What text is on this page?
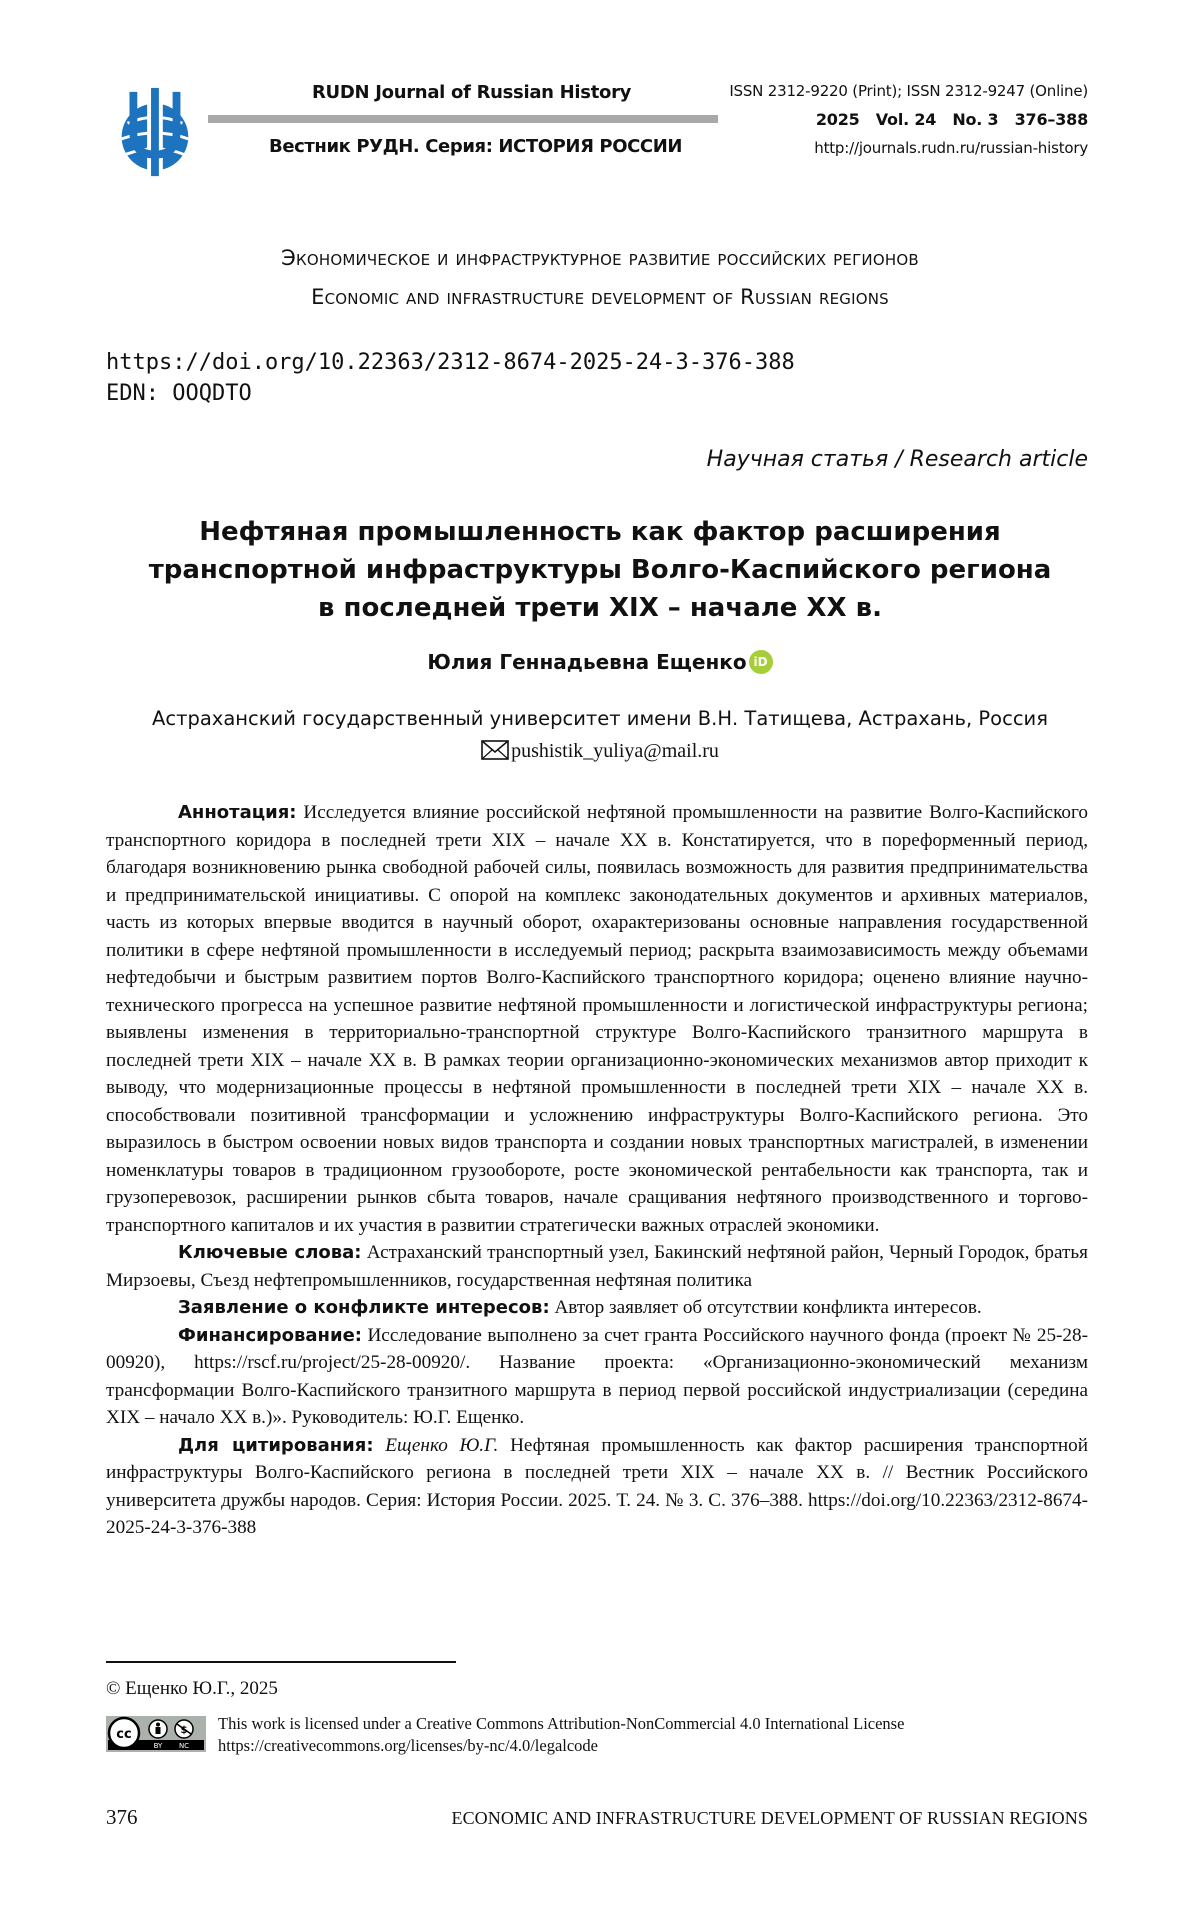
RUDN Journal of Russian History
Вестник РУДН. Серия: ИСТОРИЯ РОССИИ
ISSN 2312-9220 (Print); ISSN 2312-9247 (Online)
2025   Vol. 24   No. 3   376–388
http://journals.rudn.ru/russian-history
Экономическое и инфраструктурное развитие российских регионов
Economic and infrastructure development of Russian regions
https://doi.org/10.22363/2312-8674-2025-24-3-376-388
EDN: OOQDTO
Научная статья / Research article
Нефтяная промышленность как фактор расширения
транспортной инфраструктуры Волго-Каспийского региона
в последней трети XIX – начале XX в.
Юлия Геннадьевна Ещенко iD
Астраханский государственный университет имени В.Н. Татищева, Астрахань, Россия
pushistik_yuliya@mail.ru

Аннотация: Исследуется влияние российской нефтяной промышленности на развитие Волго-Каспийского транспортного коридора в последней трети XIX – начале XX в. Констатируется, что в пореформенный период, благодаря возникновению рынка свободной рабочей силы, появилась возможность для развития предпринимательства и предпринимательской инициативы. С опорой на комплекс законодательных документов и архивных материалов, часть из которых впервые вводится в научный оборот, охарактеризованы основные направления государственной политики в сфере нефтяной промышленности в исследуемый период; раскрыта взаимозависимость между объемами нефтедобычи и быстрым развитием портов Волго-Каспийского транспортного коридора; оценено влияние научно-технического прогресса на успешное развитие нефтяной промышленности и логистической инфраструктуры региона; выявлены изменения в территориально-транспортной структуре Волго-Каспийского транзитного маршрута в последней трети XIX – начале XX в. В рамках теории организационно-экономических механизмов автор приходит к выводу, что модернизационные процессы в нефтяной промышленности в последней трети XIX – начале XX в. способствовали позитивной трансформации и усложнению инфраструктуры Волго-Каспийского региона. Это выразилось в быстром освоении новых видов транспорта и создании новых транспортных магистралей, в изменении номенклатуры товаров в традиционном грузообороте, росте экономической рентабельности как транспорта, так и грузоперевозок, расширении рынков сбыта товаров, начале сращивания нефтяного производственного и торгово-транспортного капиталов и их участия в развитии стратегически важных отраслей экономики.

Ключевые слова: Астраханский транспортный узел, Бакинский нефтяной район, Черный Городок, братья Мирзоевы, Съезд нефтепромышленников, государственная нефтяная политика

Заявление о конфликте интересов: Автор заявляет об отсутствии конфликта интересов.

Финансирование: Исследование выполнено за счет гранта Российского научного фонда (проект № 25-28-00920), https://rscf.ru/project/25-28-00920/. Название проекта: «Организационно-экономический механизм трансформации Волго-Каспийского транзитного маршрута в период первой российской индустриализации (середина XIX – начало XX в.)». Руководитель: Ю.Г. Ещенко.

Для цитирования: Ещенко Ю.Г. Нефтяная промышленность как фактор расширения транспортной инфраструктуры Волго-Каспийского региона в последней трети XIX – начале XX в. // Вестник Российского университета дружбы народов. Серия: История России. 2025. Т. 24. № 3. С. 376–388. https://doi.org/10.22363/2312-8674-2025-24-3-376-388

© Ещенко Ю.Г., 2025
cc	$
BY NC
This work is licensed under a Creative Commons Attribution-NonCommercial 4.0 International License
https://creativecommons.org/licenses/by-nc/4.0/legalcode
376	ECONOMIC AND INFRASTRUCTURE DEVELOPMENT OF RUSSIAN REGIONS
